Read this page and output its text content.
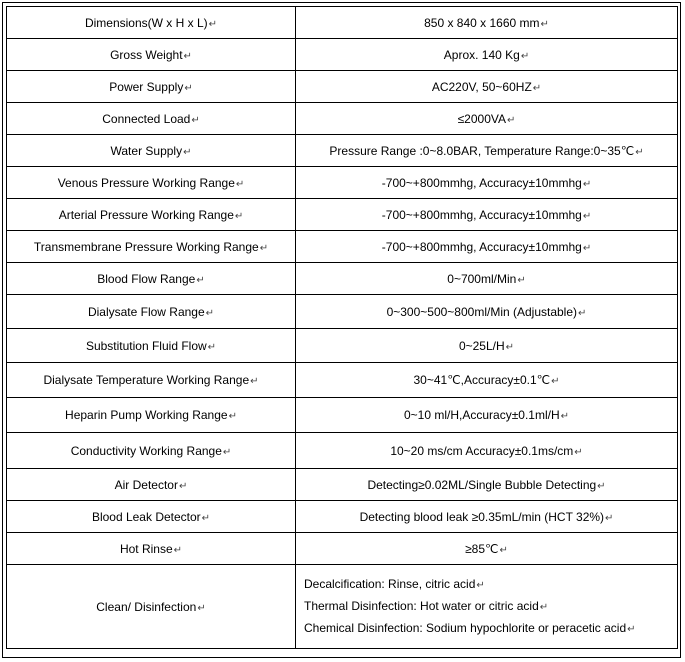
Dimensions(W x H x L)↵	850 x 840 x 1660 mm↵
Gross Weight↵	Aprox. 140 Kg↵
Power Supply↵	AC220V, 50~60HZ↵
Connected Load↵	≤2000VA↵
Water Supply↵	Pressure Range :0~8.0BAR, Temperature Range:0~35℃↵
Venous Pressure Working Range↵	-700~+800mmhg, Accuracy±10mmhg↵
Arterial Pressure Working Range↵	-700~+800mmhg, Accuracy±10mmhg↵
Transmembrane Pressure Working Range↵	-700~+800mmhg, Accuracy±10mmhg↵
Blood Flow Range↵	0~700ml/Min↵
Dialysate Flow Range↵	0~300~500~800ml/Min (Adjustable)↵
Substitution Fluid Flow↵	0~25L/H↵
Dialysate Temperature Working Range↵	30~41℃,Accuracy±0.1℃↵
Heparin Pump Working Range↵	0~10 ml/H,Accuracy±0.1ml/H↵
Conductivity Working Range↵	10~20 ms/cm Accuracy±0.1ms/cm↵
Air Detector↵	Detecting≥0.02ML/Single Bubble Detecting↵
Blood Leak Detector↵	Detecting blood leak ≥0.35mL/min (HCT 32%)↵
Hot Rinse↵	≥85℃↵
Clean/ Disinfection↵	Decalcification: Rinse, citric acid↵
Thermal Disinfection: Hot water or citric acid↵
Chemical Disinfection: Sodium hypochlorite or peracetic acid↵
